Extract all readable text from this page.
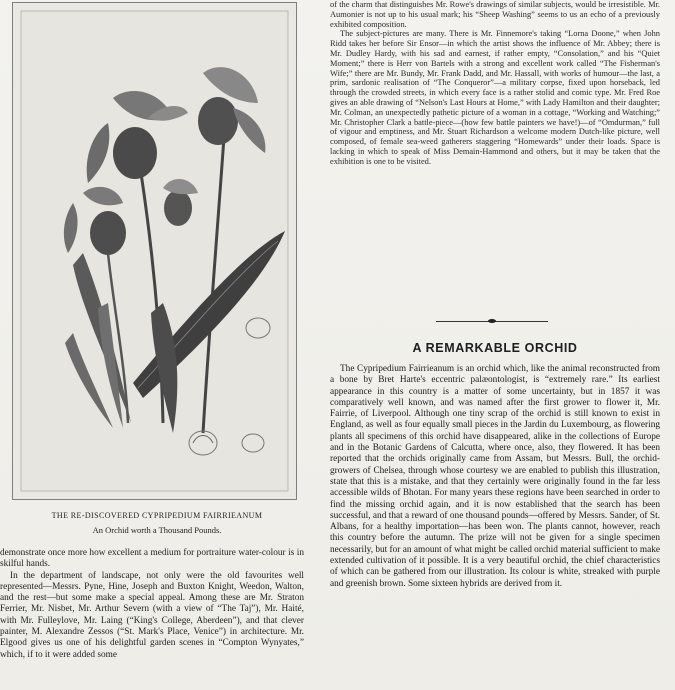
THE RE-DISCOVERED CYPRIPEDIUM FAIRRIEANUM

An Orchid worth a Thousand Pounds.

demonstrate once more how excellent a medium for portraiture water-colour is in skilful hands.

In the department of landscape, not only were the old favourites well represented—Messrs. Pyne, Hine, Joseph and Buxton Knight, Weedon, Walton, and the rest—but some make a special appeal. Among these are Mr. Straton Ferrier, Mr. Nisbet, Mr. Arthur Severn (with a view of “The Taj”), Mr. Haité, with Mr. Fulleylove, Mr. Laing (“King's College, Aberdeen”), and that clever painter, M. Alexandre Zessos (“St. Mark's Place, Venice”) in architecture. Mr. Elgood gives us one of his delightful garden scenes in “Compton Wynyates,” which, if to it were added some

of the charm that distinguishes Mr. Rowe's drawings of similar subjects, would be irresistible. Mr. Aumonier is not up to his usual mark; his “Sheep Washing” seems to us an echo of a previously exhibited composition.

The subject-pictures are many. There is Mr. Finnemore's taking “Lorna Doone,” when John Ridd takes her before Sir Ensor—in which the artist shows the influence of Mr. Abbey; there is Mr. Dudley Hardy, with his sad and earnest, if rather empty, “Consolation,” and his “Quiet Moment;” there is Herr von Bartels with a strong and excellent work called “The Fisherman's Wife;” there are Mr. Bundy, Mr. Frank Dadd, and Mr. Hassall, with works of humour—the last, a prim, sardonic realisation of “The Conqueror”—a military corpse, fixed upon horseback, led through the crowded streets, in which every face is a rather stolid and comic type. Mr. Fred Roe gives an able drawing of “Nelson's Last Hours at Home,” with Lady Hamilton and their daughter; Mr. Colman, an unexpectedly pathetic picture of a woman in a cottage, “Working and Watching;” Mr. Christopher Clark a battle-piece—(how few battle painters we have!)—of “Omdurman,” full of vigour and emptiness, and Mr. Stuart Richardson a welcome modern Dutch-like picture, well composed, of female sea-weed gatherers staggering “Homewards” under their loads. Space is lacking in which to speak of Miss Demain-Hammond and others, but it may be taken that the exhibition is one to be visited.

A REMARKABLE ORCHID

The Cypripedium Fairrieanum is an orchid which, like the animal reconstructed from a bone by Bret Harte's eccentric palæontologist, is “extremely rare.” Its earliest appearance in this country is a matter of some uncertainty, but in 1857 it was comparatively well known, and was named after the first grower to flower it, Mr. Fairrie, of Liverpool. Although one tiny scrap of the orchid is still known to exist in England, as well as four equally small pieces in the Jardin du Luxembourg, as flowering plants all specimens of this orchid have disappeared, alike in the collections of Europe and in the Botanic Gardens of Calcutta, where once, also, they flowered. It has been reported that the orchids originally came from Assam, but Messrs. Bull, the orchid-growers of Chelsea, through whose courtesy we are enabled to publish this illustration, state that this is a mistake, and that they certainly were originally found in the far less accessible wilds of Bhotan. For many years these regions have been searched in order to find the missing orchid again, and it is now established that the search has been successful, and that a reward of one thousand pounds—offered by Messrs. Sander, of St. Albans, for a healthy importation—has been won. The plants cannot, however, reach this country before the autumn. The prize will not be given for a single specimen necessarily, but for an amount of what might be called orchid material sufficient to make extended cultivation of it possible. It is a very beautiful orchid, the chief characteristics of which can be gathered from our illustration. Its colour is white, streaked with purple and greenish brown. Some sixteen hybrids are derived from it.
